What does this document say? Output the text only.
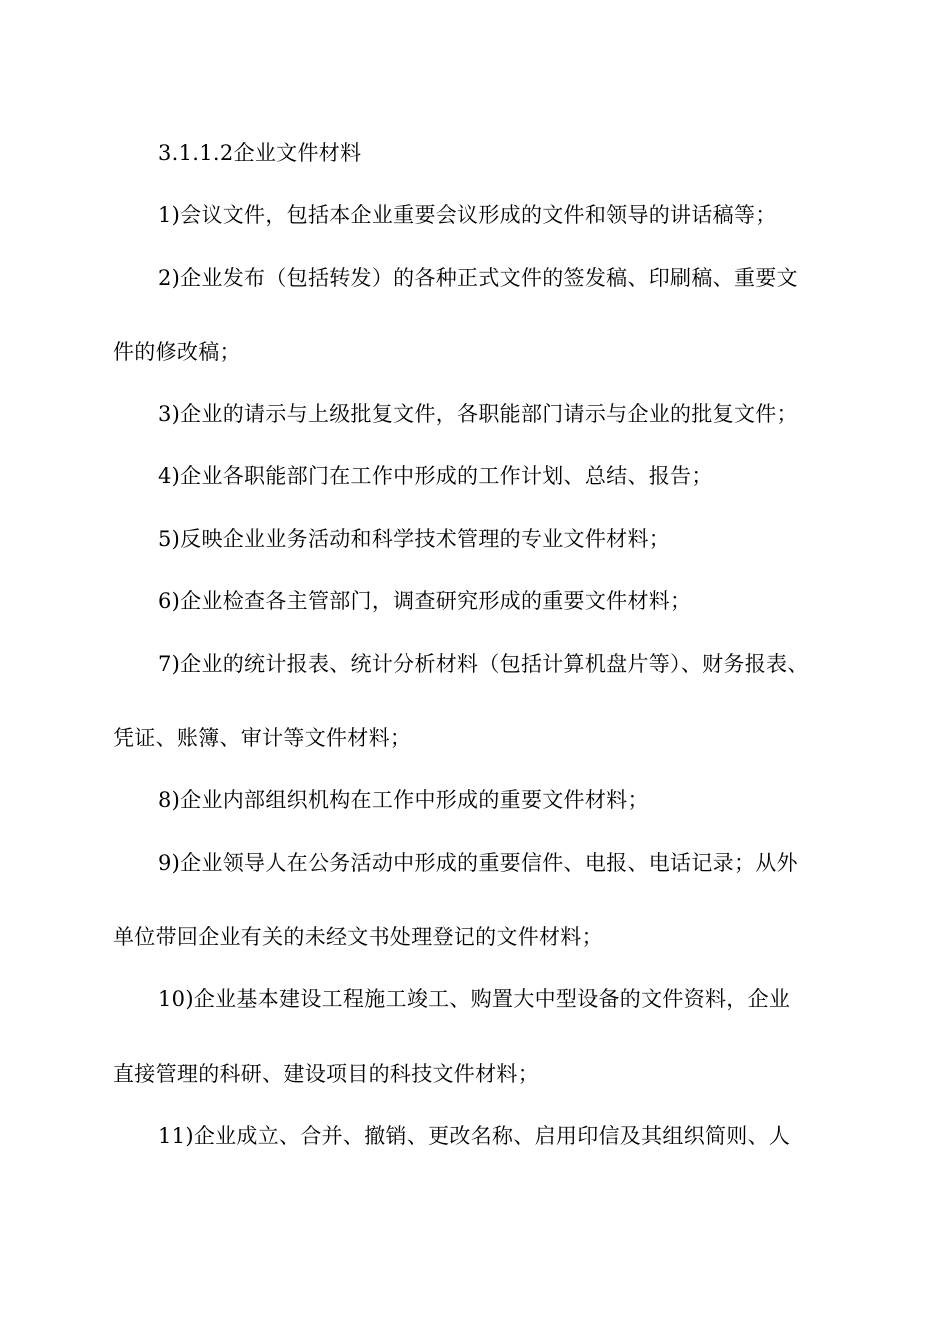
3.1.1.2企业文件材料
1)会议文件，包括本企业重要会议形成的文件和领导的讲话稿等；
2)企业发布（包括转发）的各种正式文件的签发稿、印刷稿、重要文
件的修改稿；
3)企业的请示与上级批复文件，各职能部门请示与企业的批复文件；
4)企业各职能部门在工作中形成的工作计划、总结、报告；
5)反映企业业务活动和科学技术管理的专业文件材料；
6)企业检查各主管部门，调查研究形成的重要文件材料；
7)企业的统计报表、统计分析材料（包括计算机盘片等）、财务报表、
凭证、账簿、审计等文件材料；
8)企业内部组织机构在工作中形成的重要文件材料；
9)企业领导人在公务活动中形成的重要信件、电报、电话记录；从外
单位带回企业有关的未经文书处理登记的文件材料；
10)企业基本建设工程施工竣工、购置大中型设备的文件资料，企业
直接管理的科研、建设项目的科技文件材料；
11)企业成立、合并、撤销、更改名称、启用印信及其组织简则、人
